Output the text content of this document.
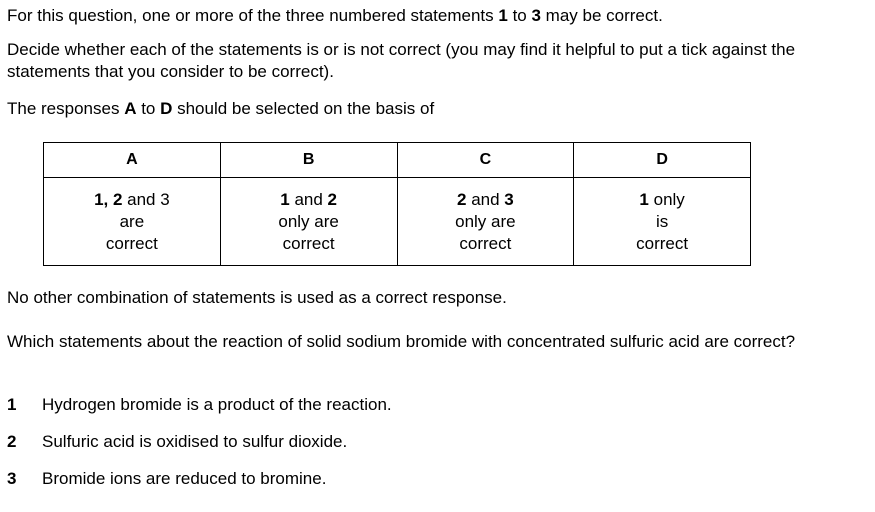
For this question, one or more of the three numbered statements 1 to 3 may be correct.

Decide whether each of the statements is or is not correct (you may find it helpful to put a tick against the statements that you consider to be correct).

The responses A to D should be selected on the basis of

A	B	C	D

1, 2 and 3
are
correct	1 and 2
only are
correct	2 and 3
only are
correct	1 only
is
correct

No other combination of statements is used as a correct response.

Which statements about the reaction of solid sodium bromide with concentrated sulfuric acid are correct?

1 Hydrogen bromide is a product of the reaction.

2 Sulfuric acid is oxidised to sulfur dioxide.

3 Bromide ions are reduced to bromine.
